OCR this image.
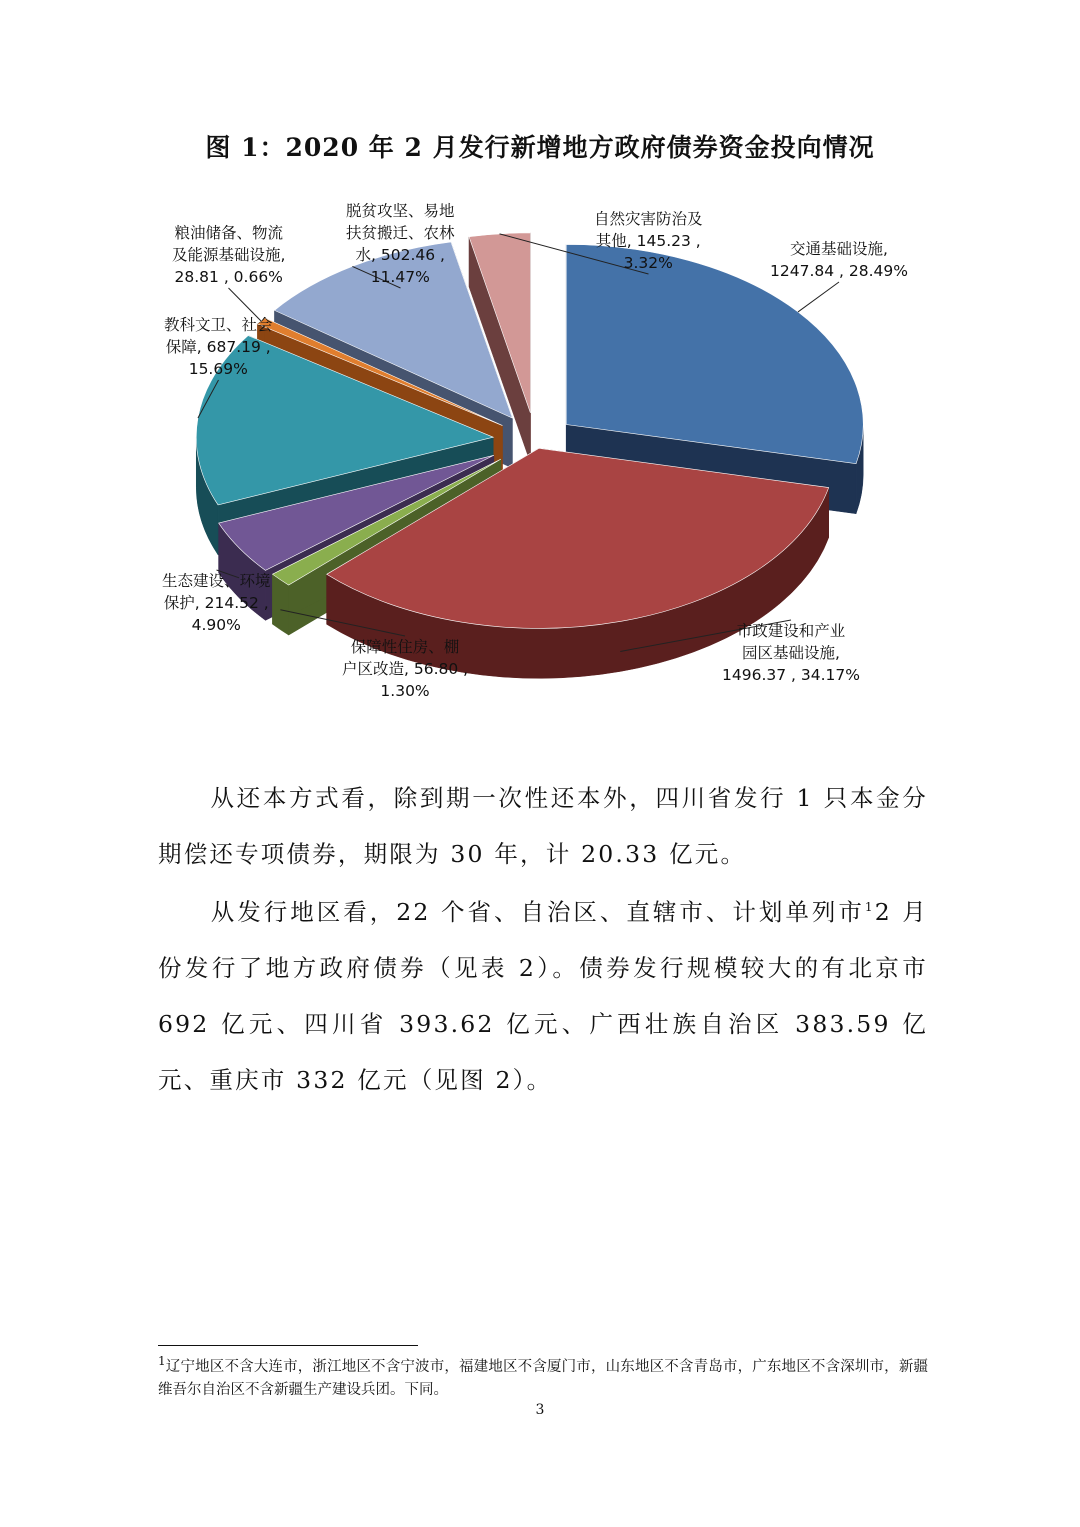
图 1：2020 年 2 月发行新增地方政府债券资金投向情况
交通基础设施,
1247.84 , 28.49%
市政建设和产业
园区基础设施,
1496.37 , 34.17%
保障性住房、棚
户区改造, 56.80 ,
1.30%
生态建设、环境
保护, 214.52 ,
4.90%
教科文卫、社会
保障, 687.19 ,
15.69%
粮油储备、物流
及能源基础设施,
28.81 , 0.66%
脱贫攻坚、易地
扶贫搬迁、农林
水, 502.46 ,
11.47%
自然灾害防治及
其他, 145.23 ,
3.32%
从还本方式看，除到期一次性还本外，四川省发行 1 只本金分期偿还专项债券，期限为 30 年，计 20.33 亿元。
从发行地区看，22 个省、自治区、直辖市、计划单列市$^1$2 月份发行了地方政府债券（见表 2）。债券发行规模较大的有北京市 692 亿元、四川省 393.62 亿元、广西壮族自治区 383.59 亿元、重庆市 332 亿元（见图 2）。
$^1$辽宁地区不含大连市，浙江地区不含宁波市，福建地区不含厦门市，山东地区不含青岛市，广东地区不含深圳市，新疆维吾尔自治区不含新疆生产建设兵团。下同。
3
